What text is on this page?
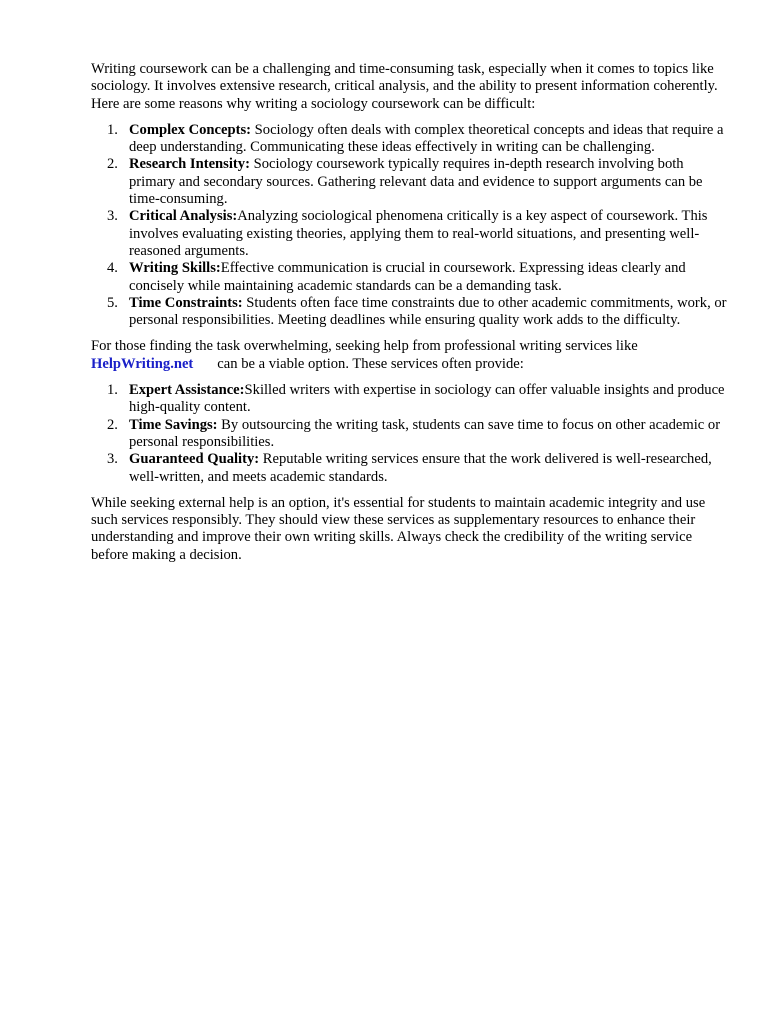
Writing coursework can be a challenging and time-consuming task, especially when it comes to topics like sociology. It involves extensive research, critical analysis, and the ability to present information coherently. Here are some reasons why writing a sociology coursework can be difficult:

1. Complex Concepts: Sociology often deals with complex theoretical concepts and ideas that require a deep understanding. Communicating these ideas effectively in writing can be challenging.
2. Research Intensity: Sociology coursework typically requires in-depth research involving both primary and secondary sources. Gathering relevant data and evidence to support arguments can be time-consuming.
3. Critical Analysis:Analyzing sociological phenomena critically is a key aspect of coursework. This involves evaluating existing theories, applying them to real-world situations, and presenting well-reasoned arguments.
4. Writing Skills:Effective communication is crucial in coursework. Expressing ideas clearly and concisely while maintaining academic standards can be a demanding task.
5. Time Constraints: Students often face time constraints due to other academic commitments, work, or personal responsibilities. Meeting deadlines while ensuring quality work adds to the difficulty.

For those finding the task overwhelming, seeking help from professional writing services like
HelpWriting.net can be a viable option. These services often provide:

1. Expert Assistance:Skilled writers with expertise in sociology can offer valuable insights and produce high-quality content.
2. Time Savings: By outsourcing the writing task, students can save time to focus on other academic or personal responsibilities.
3. Guaranteed Quality: Reputable writing services ensure that the work delivered is well-researched, well-written, and meets academic standards.

While seeking external help is an option, it's essential for students to maintain academic integrity and use such services responsibly. They should view these services as supplementary resources to enhance their understanding and improve their own writing skills. Always check the credibility of the writing service before making a decision.
